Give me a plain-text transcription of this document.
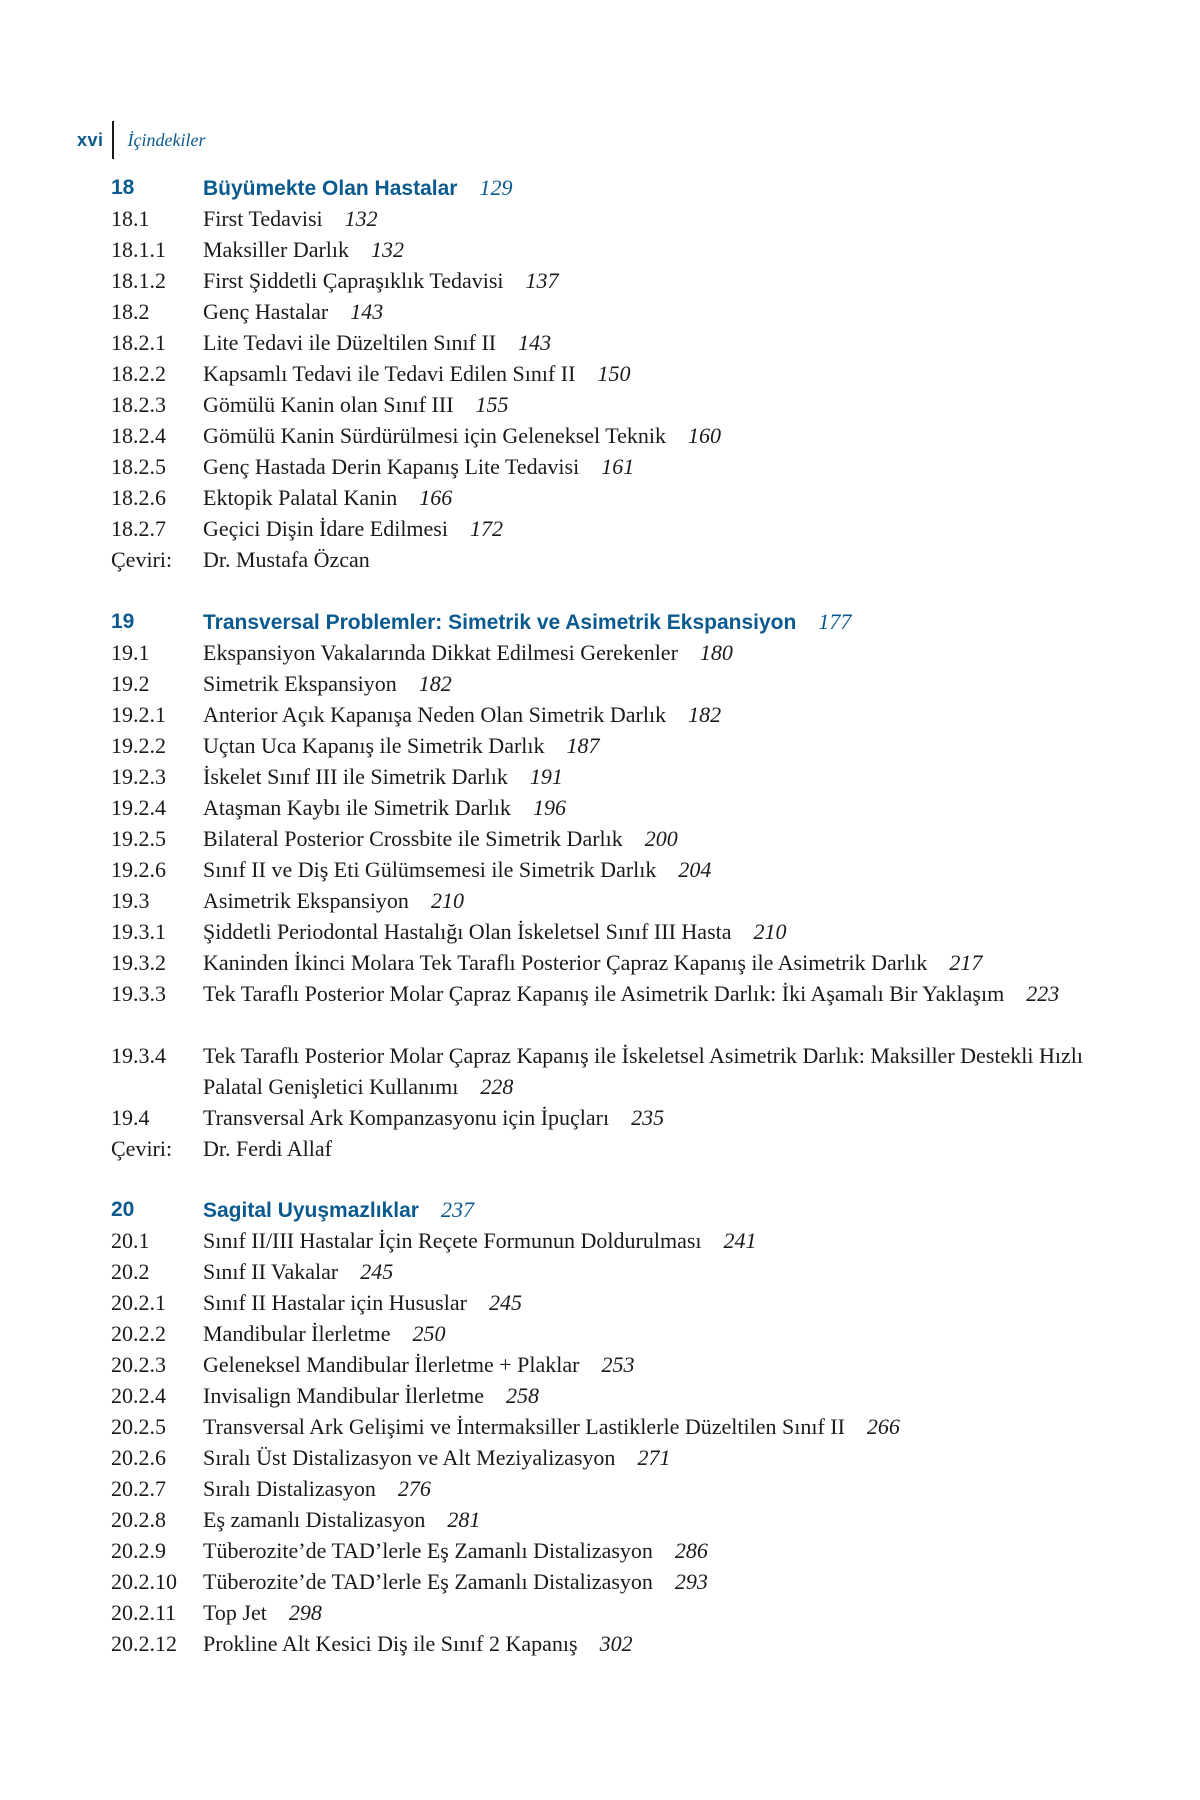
xvi İçindekiler
18	Büyümekte Olan Hastalar 129
18.1	First Tedavisi 132
18.1.1	Maksiller Darlık 132
18.1.2	First Şiddetli Çapraşıklık Tedavisi 137
18.2	Genç Hastalar 143
18.2.1	Lite Tedavi ile Düzeltilen Sınıf II 143
18.2.2	Kapsamlı Tedavi ile Tedavi Edilen Sınıf II 150
18.2.3	Gömülü Kanin olan Sınıf III 155
18.2.4	Gömülü Kanin Sürdürülmesi için Geleneksel Teknik 160
18.2.5	Genç Hastada Derin Kapanış Lite Tedavisi 161
18.2.6	Ektopik Palatal Kanin 166
18.2.7	Geçici Dişin İdare Edilmesi 172
Çeviri:	Dr. Mustafa Özcan
19	Transversal Problemler: Simetrik ve Asimetrik Ekspansiyon 177
19.1	Ekspansiyon Vakalarında Dikkat Edilmesi Gerekenler 180
19.2	Simetrik Ekspansiyon 182
19.2.1	Anterior Açık Kapanışa Neden Olan Simetrik Darlık 182
19.2.2	Uçtan Uca Kapanış ile Simetrik Darlık 187
19.2.3	İskelet Sınıf III ile Simetrik Darlık 191
19.2.4	Ataşman Kaybı ile Simetrik Darlık 196
19.2.5	Bilateral Posterior Crossbite ile Simetrik Darlık 200
19.2.6	Sınıf II ve Diş Eti Gülümsemesi ile Simetrik Darlık 204
19.3	Asimetrik Ekspansiyon 210
19.3.1	Şiddetli Periodontal Hastalığı Olan İskeletsel Sınıf III Hasta 210
19.3.2	Kaninden İkinci Molara Tek Taraflı Posterior Çapraz Kapanış ile Asimetrik Darlık 217
19.3.3	Tek Taraflı Posterior Molar Çapraz Kapanış ile Asimetrik Darlık: İki Aşamalı Bir Yaklaşım 223
19.3.4	Tek Taraflı Posterior Molar Çapraz Kapanış ile İskeletsel Asimetrik Darlık: Maksiller Destekli Hızlı Palatal Genişletici Kullanımı 228
19.4	Transversal Ark Kompanzasyonu için İpuçları 235
Çeviri:	Dr. Ferdi Allaf
20	Sagital Uyuşmazlıklar 237
20.1	Sınıf II/III Hastalar İçin Reçete Formunun Doldurulması 241
20.2	Sınıf II Vakalar 245
20.2.1	Sınıf II Hastalar için Hususlar 245
20.2.2	Mandibular İlerletme 250
20.2.3	Geleneksel Mandibular İlerletme + Plaklar 253
20.2.4	Invisalign Mandibular İlerletme 258
20.2.5	Transversal Ark Gelişimi ve İntermaksiller Lastiklerle Düzeltilen Sınıf II 266
20.2.6	Sıralı Üst Distalizasyon ve Alt Meziyalizasyon 271
20.2.7	Sıralı Distalizasyon 276
20.2.8	Eş zamanlı Distalizasyon 281
20.2.9	Tüberozite’de TAD’lerle Eş Zamanlı Distalizasyon 286
20.2.10	Tüberozite’de TAD’lerle Eş Zamanlı Distalizasyon 293
20.2.11	Top Jet 298
20.2.12	Prokline Alt Kesici Diş ile Sınıf 2 Kapanış 302
